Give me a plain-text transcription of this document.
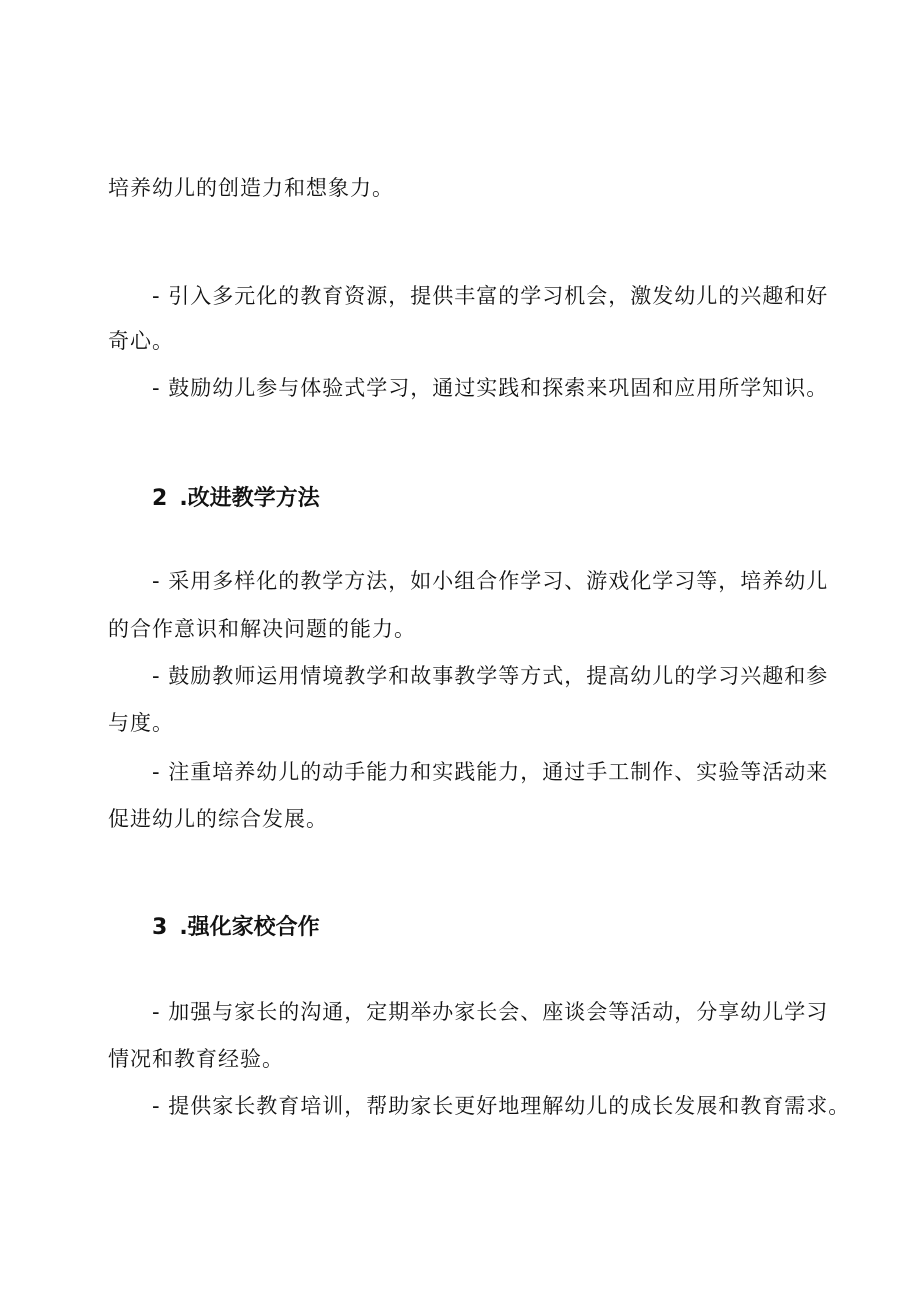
培养幼儿的创造力和想象力。
- 引入多元化的教育资源，提供丰富的学习机会，激发幼儿的兴趣和好
奇心。
- 鼓励幼儿参与体验式学习，通过实践和探索来巩固和应用所学知识。
2 .改进教学方法
- 采用多样化的教学方法，如小组合作学习、游戏化学习等，培养幼儿
的合作意识和解决问题的能力。
- 鼓励教师运用情境教学和故事教学等方式，提高幼儿的学习兴趣和参
与度。
- 注重培养幼儿的动手能力和实践能力，通过手工制作、实验等活动来
促进幼儿的综合发展。
3 .强化家校合作
- 加强与家长的沟通，定期举办家长会、座谈会等活动，分享幼儿学习
情况和教育经验。
- 提供家长教育培训，帮助家长更好地理解幼儿的成长发展和教育需求。
